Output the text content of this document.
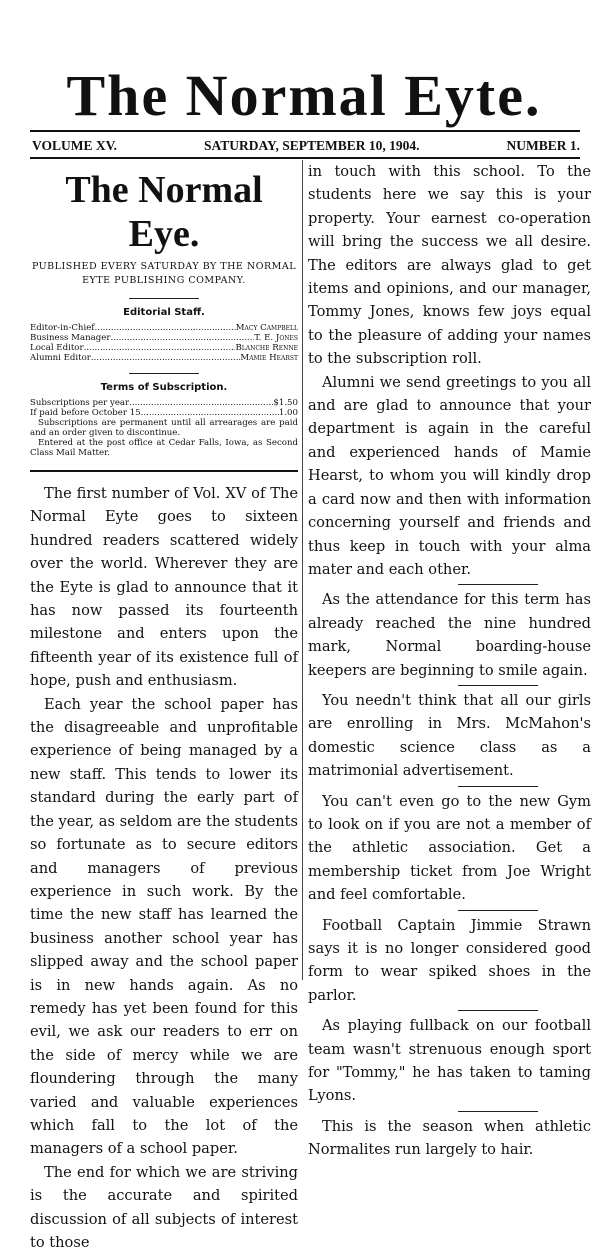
The Normal Eyte.
VOLUME XV.	SATURDAY, SEPTEMBER 10, 1904.	NUMBER 1.
The Normal Eye.
PUBLISHED EVERY SATURDAY BY THE NORMAL EYTE PUBLISHING COMPANY.
Editorial Staff.
Editor-in-Chief .....	Macy Campbell
Business Manager .....	T. E. Jones
Local Editor .....	Blanche Renne
Alumni Editor .....	Mamie Hearst
Terms of Subscription.
Subscriptions per year .....	$1.50
If paid before October 15 .....	1.00
Subscriptions are permanent until all arrearages are paid and an order given to discontinue.
Entered at the post office at Cedar Falls, Iowa, as Second Class Mail Matter.

The first number of Vol. XV of The Normal Eyte goes to sixteen hundred readers scattered widely over the world. Wherever they are the Eyte is glad to announce that it has now passed its fourteenth milestone and enters upon the fifteenth year of its existence full of hope, push and enthusiasm.

Each year the school paper has the disagreeable and unprofitable experience of being managed by a new staff. This tends to lower its standard during the early part of the year, as seldom are the students so fortunate as to secure editors and managers of previous experience in such work. By the time the new staff has learned the business another school year has slipped away and the school paper is in new hands again. As no remedy has yet been found for this evil, we ask our readers to err on the side of mercy while we are floundering through the many varied and valuable experiences which fall to the lot of the managers of a school paper.

The end for which we are striving is the accurate and spirited discussion of all subjects of interest to those

in touch with this school. To the students here we say this is your property. Your earnest co-operation will bring the success we all desire. The editors are always glad to get items and opinions, and our manager, Tommy Jones, knows few joys equal to the pleasure of adding your names to the subscription roll.

Alumni we send greetings to you all and are glad to announce that your department is again in the careful and experienced hands of Mamie Hearst, to whom you will kindly drop a card now and then with information concerning yourself and friends and thus keep in touch with your alma mater and each other.

As the attendance for this term has already reached the nine hundred mark, Normal boarding-house keepers are beginning to smile again.

You needn't think that all our girls are enrolling in Mrs. McMahon's domestic science class as a matrimonial advertisement.

You can't even go to the new Gym to look on if you are not a member of the athletic association. Get a membership ticket from Joe Wright and feel comfortable.

Football Captain Jimmie Strawn says it is no longer considered good form to wear spiked shoes in the parlor.

As playing fullback on our football team wasn't strenuous enough sport for "Tommy," he has taken to taming Lyons.

This is the season when athletic Normalites run largely to hair.
